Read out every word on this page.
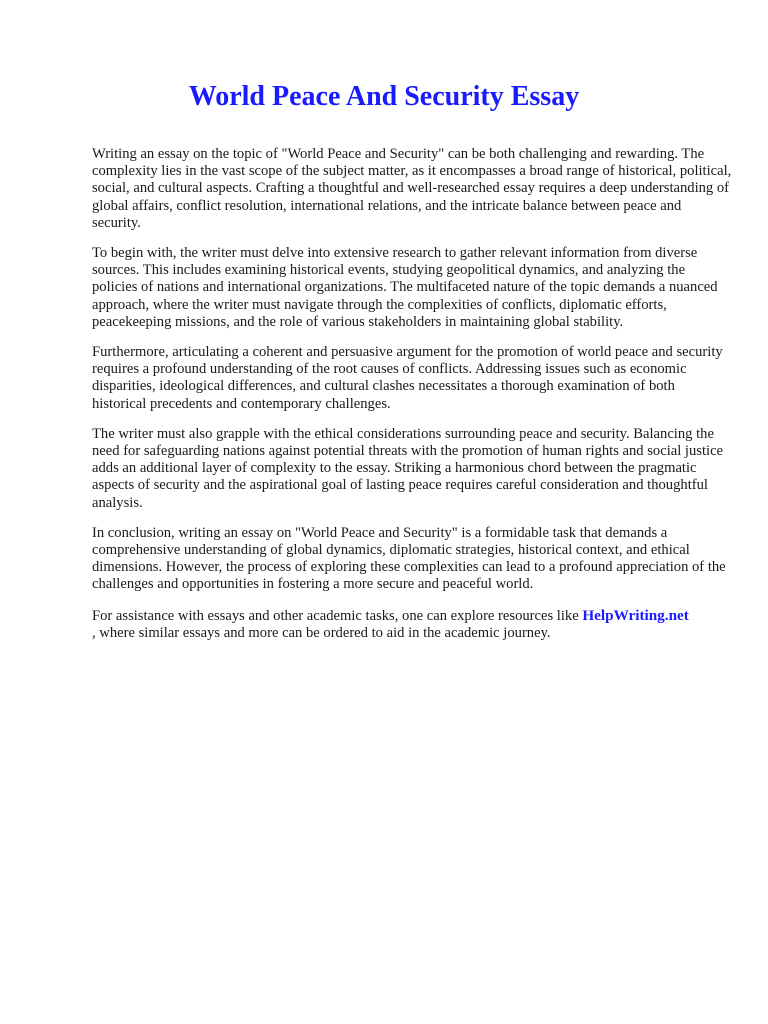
World Peace And Security Essay

Writing an essay on the topic of "World Peace and Security" can be both challenging and rewarding. The complexity lies in the vast scope of the subject matter, as it encompasses a broad range of historical, political, social, and cultural aspects. Crafting a thoughtful and well-researched essay requires a deep understanding of global affairs, conflict resolution, international relations, and the intricate balance between peace and security.

To begin with, the writer must delve into extensive research to gather relevant information from diverse sources. This includes examining historical events, studying geopolitical dynamics, and analyzing the policies of nations and international organizations. The multifaceted nature of the topic demands a nuanced approach, where the writer must navigate through the complexities of conflicts, diplomatic efforts, peacekeeping missions, and the role of various stakeholders in maintaining global stability.

Furthermore, articulating a coherent and persuasive argument for the promotion of world peace and security requires a profound understanding of the root causes of conflicts. Addressing issues such as economic disparities, ideological differences, and cultural clashes necessitates a thorough examination of both historical precedents and contemporary challenges.

The writer must also grapple with the ethical considerations surrounding peace and security. Balancing the need for safeguarding nations against potential threats with the promotion of human rights and social justice adds an additional layer of complexity to the essay. Striking a harmonious chord between the pragmatic aspects of security and the aspirational goal of lasting peace requires careful consideration and thoughtful analysis.

In conclusion, writing an essay on "World Peace and Security" is a formidable task that demands a comprehensive understanding of global dynamics, diplomatic strategies, historical context, and ethical dimensions. However, the process of exploring these complexities can lead to a profound appreciation of the challenges and opportunities in fostering a more secure and peaceful world.

For assistance with essays and other academic tasks, one can explore resources like HelpWriting.net
, where similar essays and more can be ordered to aid in the academic journey.
